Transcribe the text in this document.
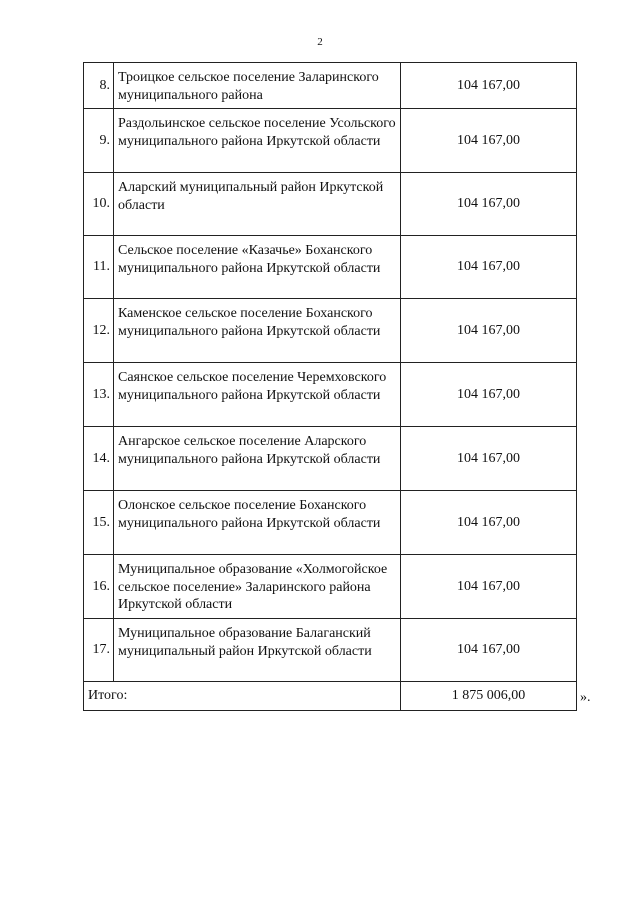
2
8.	Троицкое сельское поселение Заларинского муниципального района	104 167,00
9.	Раздольинское сельское поселение Усольского муниципального района Иркутской области	104 167,00
10.	Аларский муниципальный район Иркутской области	104 167,00
11.	Сельское поселение «Казачье» Боханского муниципального района Иркутской области	104 167,00
12.	Каменское сельское поселение Боханского муниципального района Иркутской области	104 167,00
13.	Саянское сельское поселение Черемховского муниципального района Иркутской области	104 167,00
14.	Ангарское сельское поселение Аларского муниципального района Иркутской области	104 167,00
15.	Олонское сельское поселение Боханского муниципального района Иркутской области	104 167,00
16.	Муниципальное образование «Холмогойское сельское поселение» Заларинского района Иркутской области	104 167,00
17.	Муниципальное образование Балаганский муниципальный район Иркутской области	104 167,00
Итого:		1 875 006,00	».
